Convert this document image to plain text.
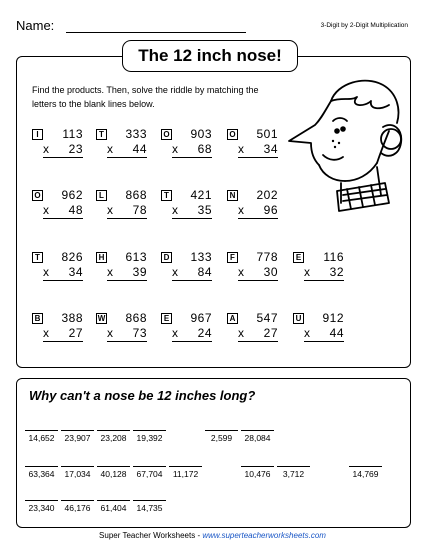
Name:	3-Digit by 2-Digit Multiplication
The 12 inch nose!
Find the products. Then, solve the riddle by matching the letters to the blank lines below.
I	113
x 23
T	333
x 44
O	903
x 68
O	501
x 34
O	962
x 48
L	868
x 78
T	421
x 35
N	202
x 96
T	826
x 34
H	613
x 39
D	133
x 84
F	778
x 30
E	116
x 32
B	388
x 27
W	868
x 73
E	967
x 24
A	547
x 27
U	912
x 44
Why can't a nose be 12 inches long?
14,652	23,907	23,208	19,392	2,599	28,084
63,364	17,034	40,128	67,704	11,172	10,476	3,712	14,769
23,340	46,176	61,404	14,735
Super Teacher Worksheets - www.superteacherworksheets.com
